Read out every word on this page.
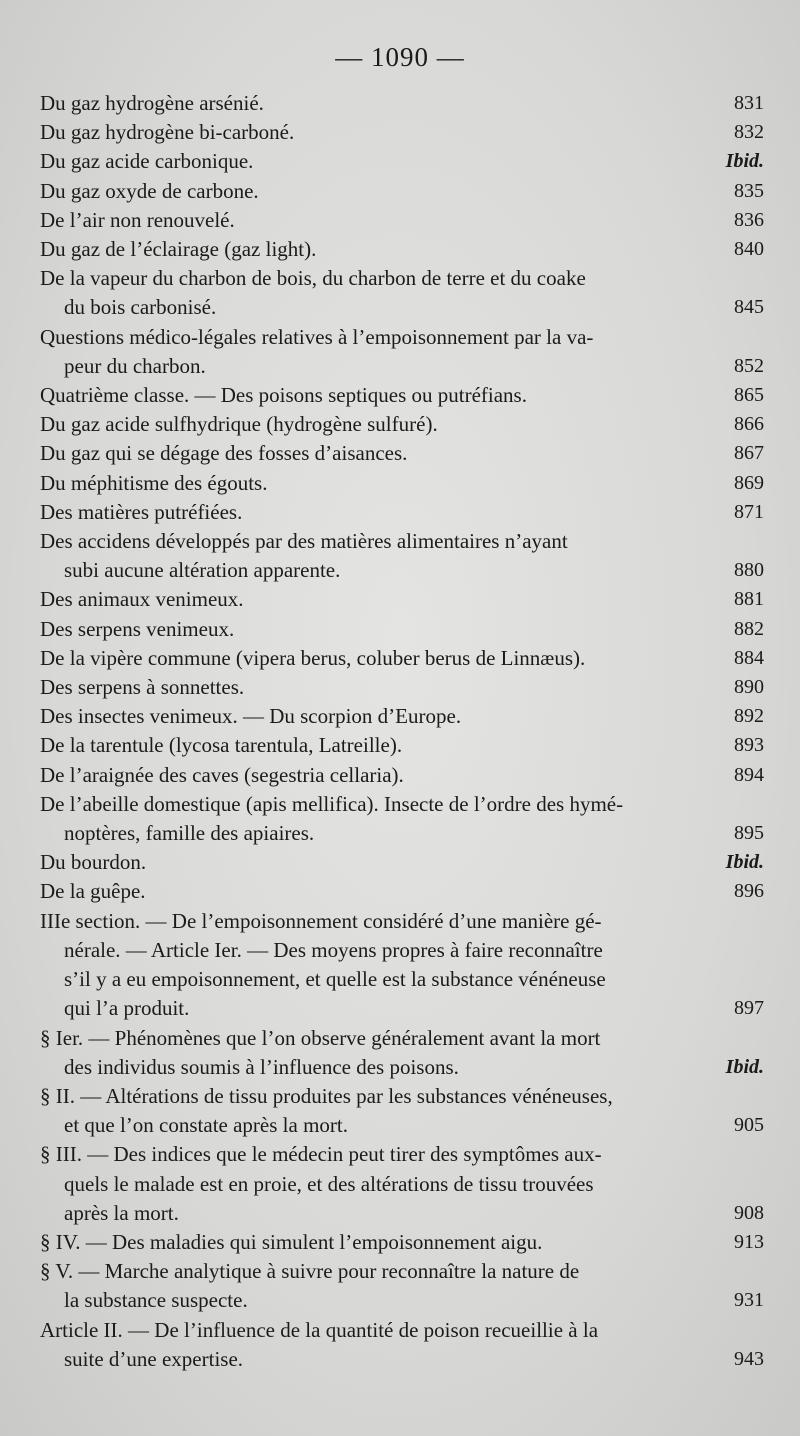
— 1090 —
Du gaz hydrogène arsénié.	831
Du gaz hydrogène bi-carboné.	832
Du gaz acide carbonique.	Ibid.
Du gaz oxyde de carbone.	835
De l’air non renouvelé.	836
Du gaz de l’éclairage (gaz light).	840
De la vapeur du charbon de bois, du charbon de terre et du coake
du bois carbonisé.	845
Questions médico-légales relatives à l’empoisonnement par la va-
peur du charbon.	852
Quatrième classe. — Des poisons septiques ou putréfians.	865
Du gaz acide sulfhydrique (hydrogène sulfuré).	866
Du gaz qui se dégage des fosses d’aisances.	867
Du méphitisme des égouts.	869
Des matières putréfiées.	871
Des accidens développés par des matières alimentaires n’ayant
subi aucune altération apparente.	880
Des animaux venimeux.	881
Des serpens venimeux.	882
De la vipère commune (vipera berus, coluber berus de Linnæus).	884
Des serpens à sonnettes.	890
Des insectes venimeux. — Du scorpion d’Europe.	892
De la tarentule (lycosa tarentula, Latreille).	893
De l’araignée des caves (segestria cellaria).	894
De l’abeille domestique (apis mellifica). Insecte de l’ordre des hymé-
noptères, famille des apiaires.	895
Du bourdon.	Ibid.
De la guêpe.	896
IIIe section. — De l’empoisonnement considéré d’une manière gé-
nérale. — Article Ier. — Des moyens propres à faire reconnaître
s’il y a eu empoisonnement, et quelle est la substance vénéneuse
qui l’a produit.	897
§ Ier. — Phénomènes que l’on observe généralement avant la mort
des individus soumis à l’influence des poisons.	Ibid.
§ II. — Altérations de tissu produites par les substances vénéneuses,
et que l’on constate après la mort.	905
§ III. — Des indices que le médecin peut tirer des symptômes aux-
quels le malade est en proie, et des altérations de tissu trouvées
après la mort.	908
§ IV. — Des maladies qui simulent l’empoisonnement aigu.	913
§ V. — Marche analytique à suivre pour reconnaître la nature de
la substance suspecte.	931
Article II. — De l’influence de la quantité de poison recueillie à la
suite d’une expertise.	943
